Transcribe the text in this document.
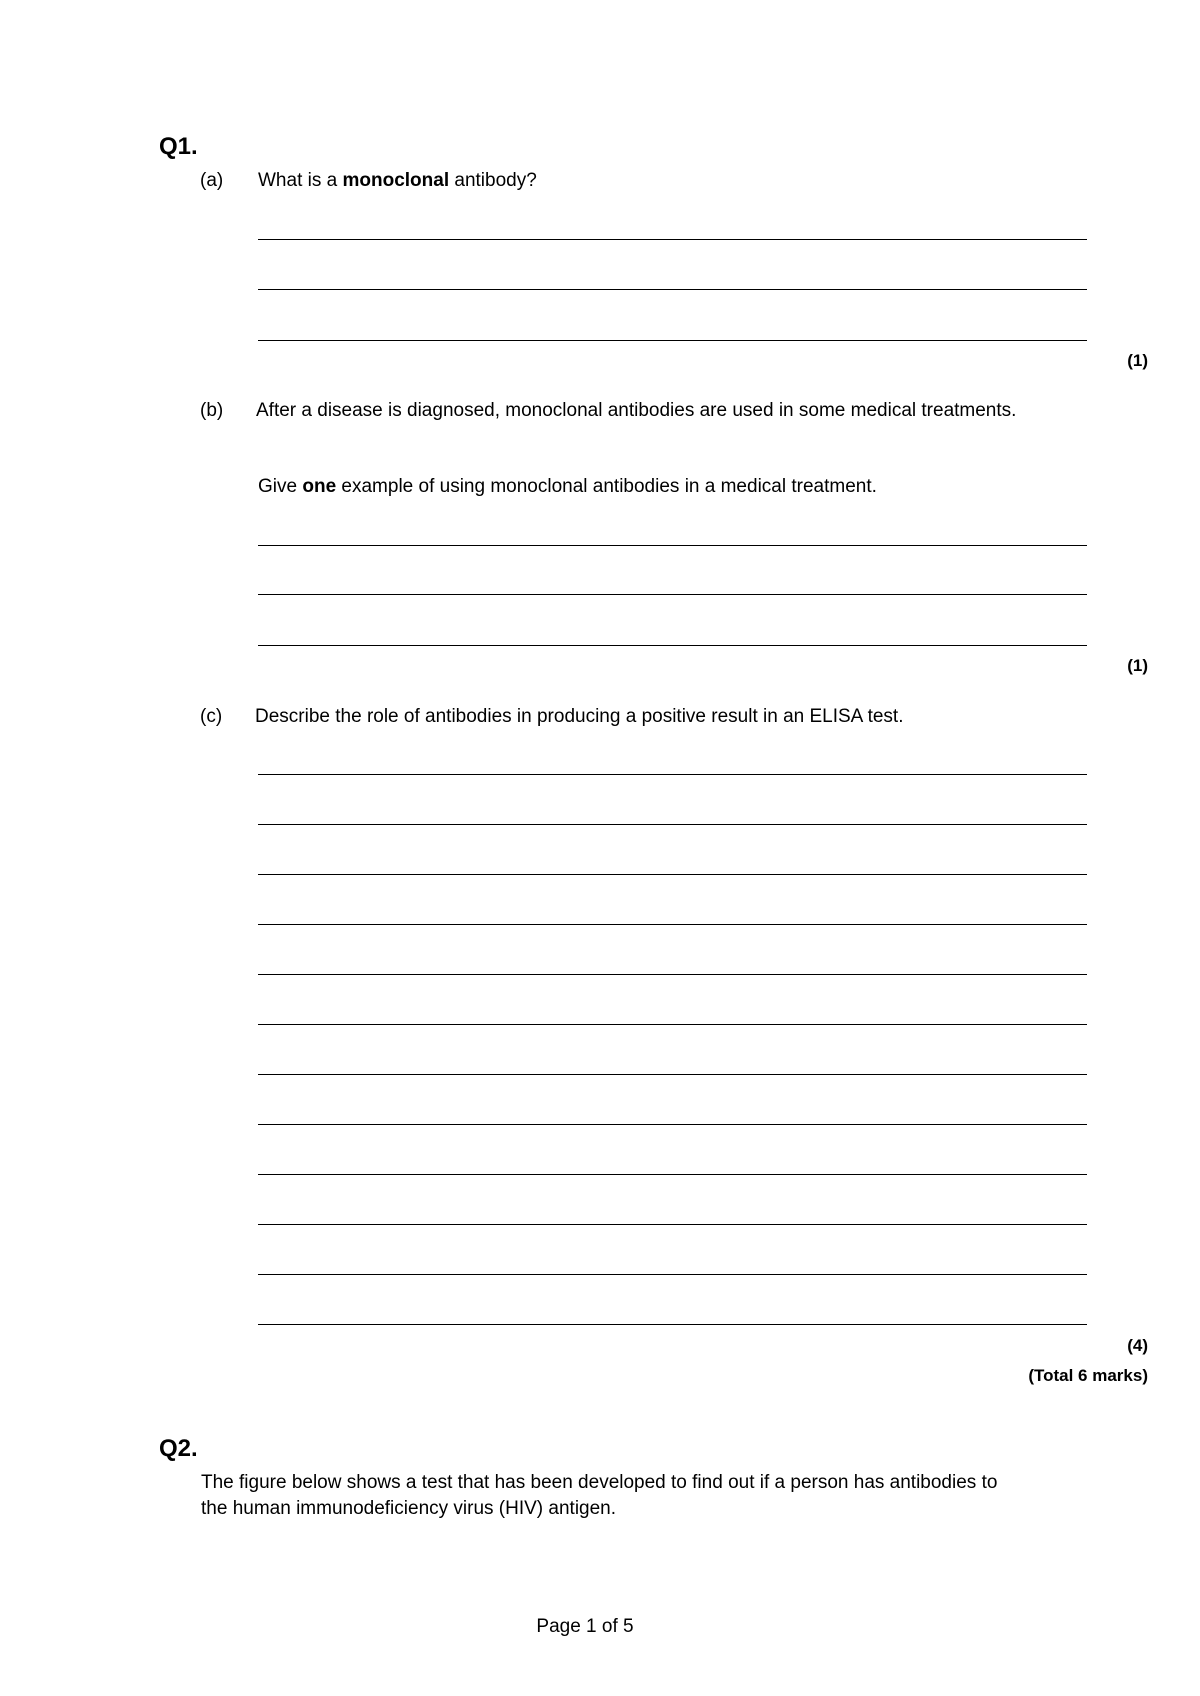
Q1.
(a) What is a monoclonal antibody?
(1)
(b) After a disease is diagnosed, monoclonal antibodies are used in some medical treatments.
Give one example of using monoclonal antibodies in a medical treatment.
(1)
(c) Describe the role of antibodies in producing a positive result in an ELISA test.
(4)
(Total 6 marks)
Q2.
The figure below shows a test that has been developed to find out if a person has antibodies to the human immunodeficiency virus (HIV) antigen.
Page 1 of 5
